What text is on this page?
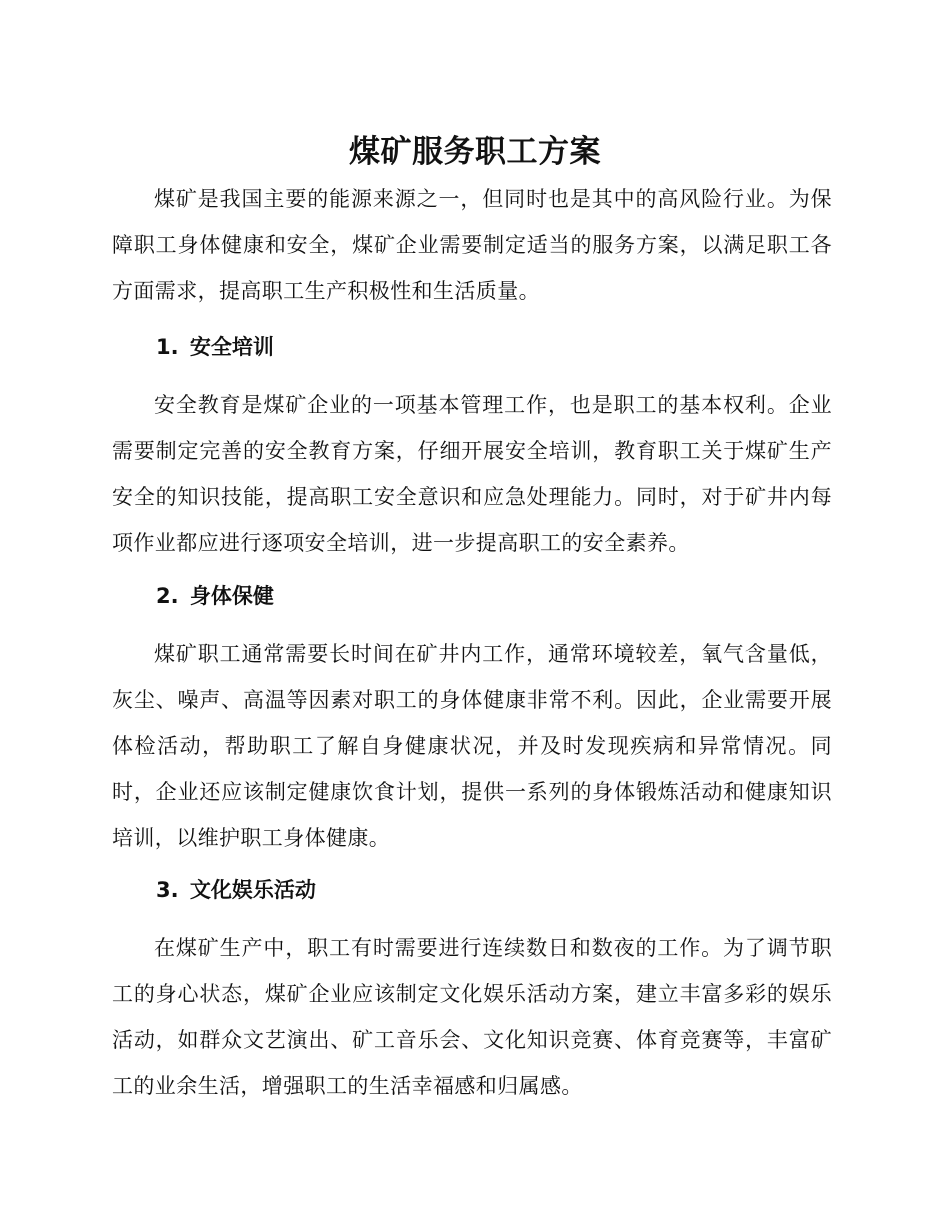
煤矿服务职工方案

煤矿是我国主要的能源来源之一，但同时也是其中的高风险行业。为保障职工身体健康和安全，煤矿企业需要制定适当的服务方案，以满足职工各方面需求，提高职工生产积极性和生活质量。

1. 安全培训

安全教育是煤矿企业的一项基本管理工作，也是职工的基本权利。企业需要制定完善的安全教育方案，仔细开展安全培训，教育职工关于煤矿生产安全的知识技能，提高职工安全意识和应急处理能力。同时，对于矿井内每项作业都应进行逐项安全培训，进一步提高职工的安全素养。

2. 身体保健

煤矿职工通常需要长时间在矿井内工作，通常环境较差，氧气含量低，灰尘、噪声、高温等因素对职工的身体健康非常不利。因此，企业需要开展体检活动，帮助职工了解自身健康状况，并及时发现疾病和异常情况。同时，企业还应该制定健康饮食计划，提供一系列的身体锻炼活动和健康知识培训，以维护职工身体健康。

3. 文化娱乐活动

在煤矿生产中，职工有时需要进行连续数日和数夜的工作。为了调节职工的身心状态，煤矿企业应该制定文化娱乐活动方案，建立丰富多彩的娱乐活动，如群众文艺演出、矿工音乐会、文化知识竞赛、体育竞赛等，丰富矿工的业余生活，增强职工的生活幸福感和归属感。
